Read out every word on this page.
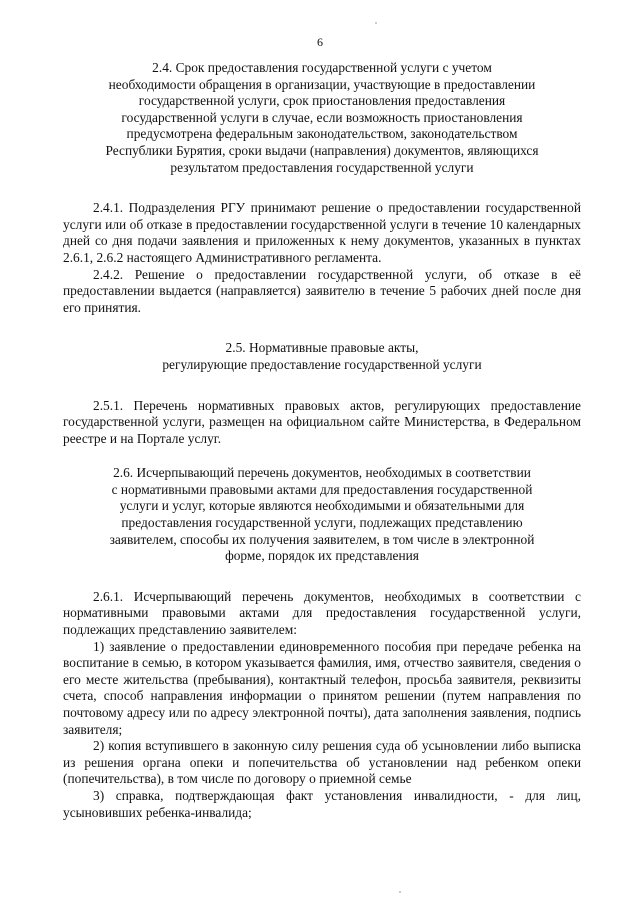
6
2.4. Срок предоставления государственной услуги с учетом
необходимости обращения в организации, участвующие в предоставлении
государственной услуги, срок приостановления предоставления
государственной услуги в случае, если возможность приостановления
предусмотрена федеральным законодательством, законодательством
Республики Бурятия, сроки выдачи (направления) документов, являющихся
результатом предоставления государственной услуги

2.4.1. Подразделения РГУ принимают решение о предоставлении государственной услуги или об отказе в предоставлении государственной услуги в течение 10 календарных дней со дня подачи заявления и приложенных к нему документов, указанных в пунктах 2.6.1, 2.6.2 настоящего Административного регламента.

2.4.2. Решение о предоставлении государственной услуги, об отказе в её предоставлении выдается (направляется) заявителю в течение 5 рабочих дней после дня его принятия.

2.5. Нормативные правовые акты,
регулирующие предоставление государственной услуги

2.5.1. Перечень нормативных правовых актов, регулирующих предоставление государственной услуги, размещен на официальном сайте Министерства, в Федеральном реестре и на Портале услуг.

2.6. Исчерпывающий перечень документов, необходимых в соответствии
с нормативными правовыми актами для предоставления государственной
услуги и услуг, которые являются необходимыми и обязательными для
предоставления государственной услуги, подлежащих представлению
заявителем, способы их получения заявителем, в том числе в электронной
форме, порядок их представления

2.6.1. Исчерпывающий перечень документов, необходимых в соответствии с нормативными правовыми актами для предоставления государственной услуги, подлежащих представлению заявителем:

1) заявление о предоставлении единовременного пособия при передаче ребенка на воспитание в семью, в котором указывается фамилия, имя, отчество заявителя, сведения о его месте жительства (пребывания), контактный телефон, просьба заявителя, реквизиты счета, способ направления информации о принятом решении (путем направления по почтовому адресу или по адресу электронной почты), дата заполнения заявления, подпись заявителя;

2) копия вступившего в законную силу решения суда об усыновлении либо выписка из решения органа опеки и попечительства об установлении над ребенком опеки (попечительства), в том числе по договору о приемной семье

3) справка, подтверждающая факт установления инвалидности, - для лиц, усыновивших ребенка-инвалида;
